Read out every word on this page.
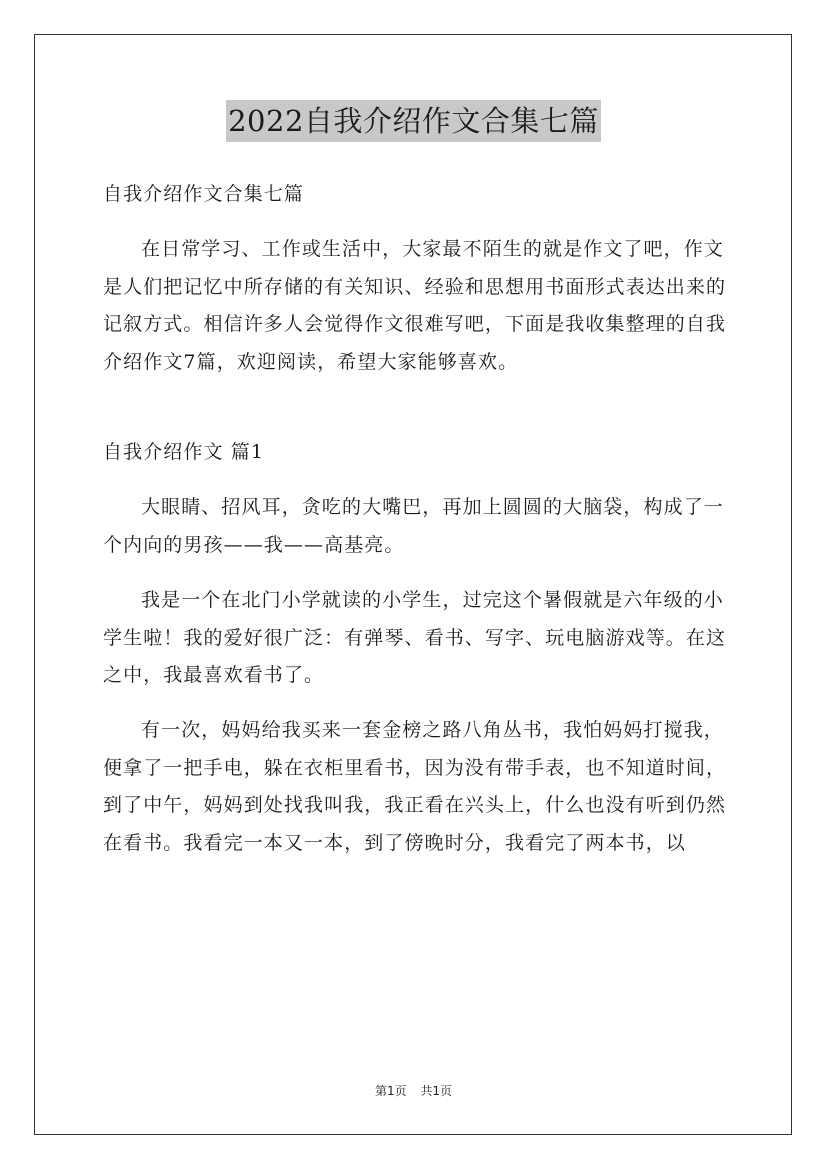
2022自我介绍作文合集七篇

自我介绍作文合集七篇

在日常学习、工作或生活中，大家最不陌生的就是作文了吧，作文是人们把记忆中所存储的有关知识、经验和思想用书面形式表达出来的记叙方式。相信许多人会觉得作文很难写吧，下面是我收集整理的自我介绍作文7篇，欢迎阅读，希望大家能够喜欢。

自我介绍作文 篇1

大眼睛、招风耳，贪吃的大嘴巴，再加上圆圆的大脑袋，构成了一个内向的男孩——我——高基亮。

我是一个在北门小学就读的小学生，过完这个暑假就是六年级的小学生啦！我的爱好很广泛：有弹琴、看书、写字、玩电脑游戏等。在这之中，我最喜欢看书了。

有一次，妈妈给我买来一套金榜之路八角丛书，我怕妈妈打搅我，便拿了一把手电，躲在衣柜里看书，因为没有带手表，也不知道时间，到了中午，妈妈到处找我叫我，我正看在兴头上，什么也没有听到仍然在看书。我看完一本又一本，到了傍晚时分，我看完了两本书，以

第1页 共1页
